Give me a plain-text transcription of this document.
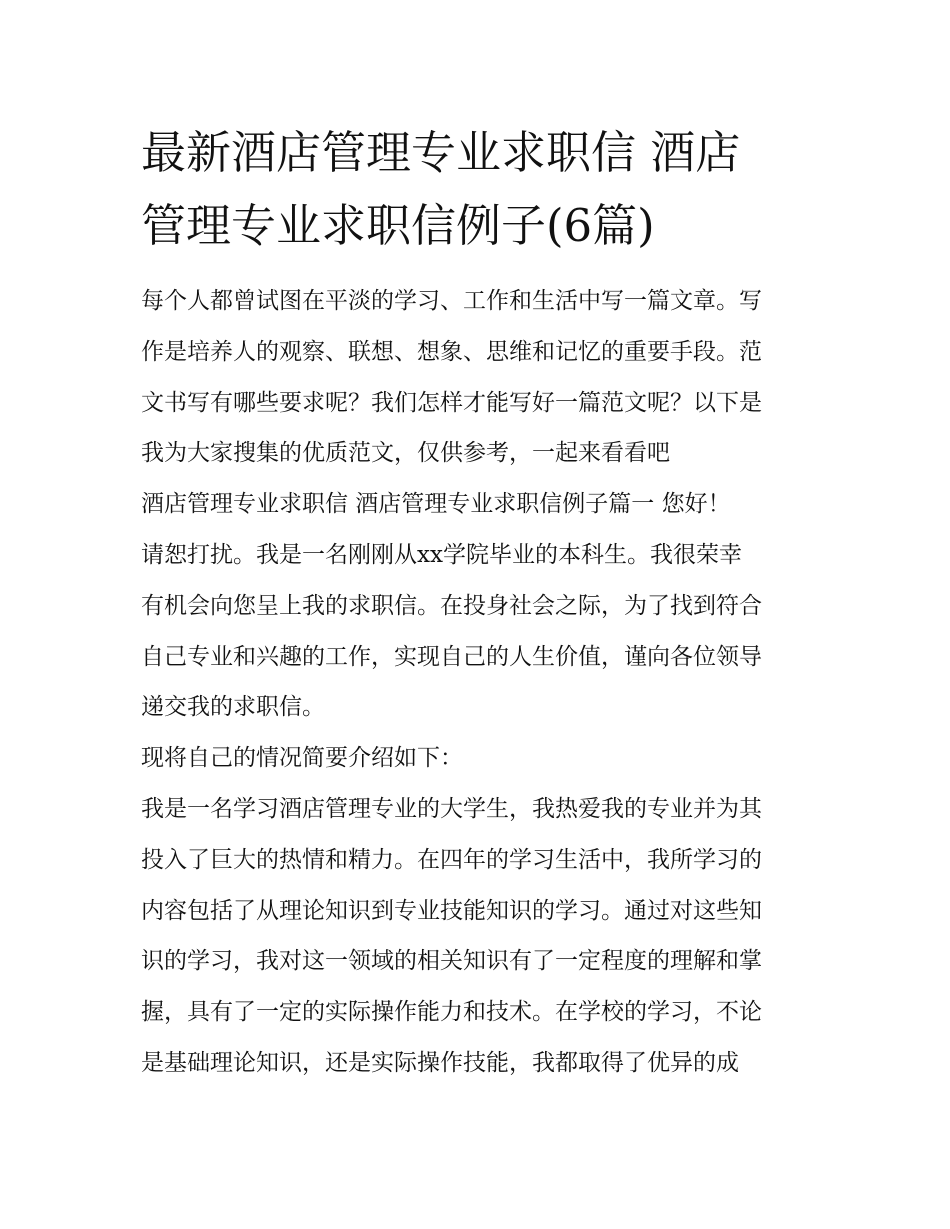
最新酒店管理专业求职信 酒店
管理专业求职信例子(6篇)
每个人都曾试图在平淡的学习、工作和生活中写一篇文章。写
作是培养人的观察、联想、想象、思维和记忆的重要手段。范
文书写有哪些要求呢？我们怎样才能写好一篇范文呢？以下是
我为大家搜集的优质范文，仅供参考，一起来看看吧
酒店管理专业求职信 酒店管理专业求职信例子篇一 您好！
请恕打扰。我是一名刚刚从xx学院毕业的本科生。我很荣幸
有机会向您呈上我的求职信。在投身社会之际，为了找到符合
自己专业和兴趣的工作，实现自己的人生价值，谨向各位领导
递交我的求职信。
现将自己的情况简要介绍如下：
我是一名学习酒店管理专业的大学生，我热爱我的专业并为其
投入了巨大的热情和精力。在四年的学习生活中，我所学习的
内容包括了从理论知识到专业技能知识的学习。通过对这些知
识的学习，我对这一领域的相关知识有了一定程度的理解和掌
握，具有了一定的实际操作能力和技术。在学校的学习，不论
是基础理论知识，还是实际操作技能，我都取得了优异的成
